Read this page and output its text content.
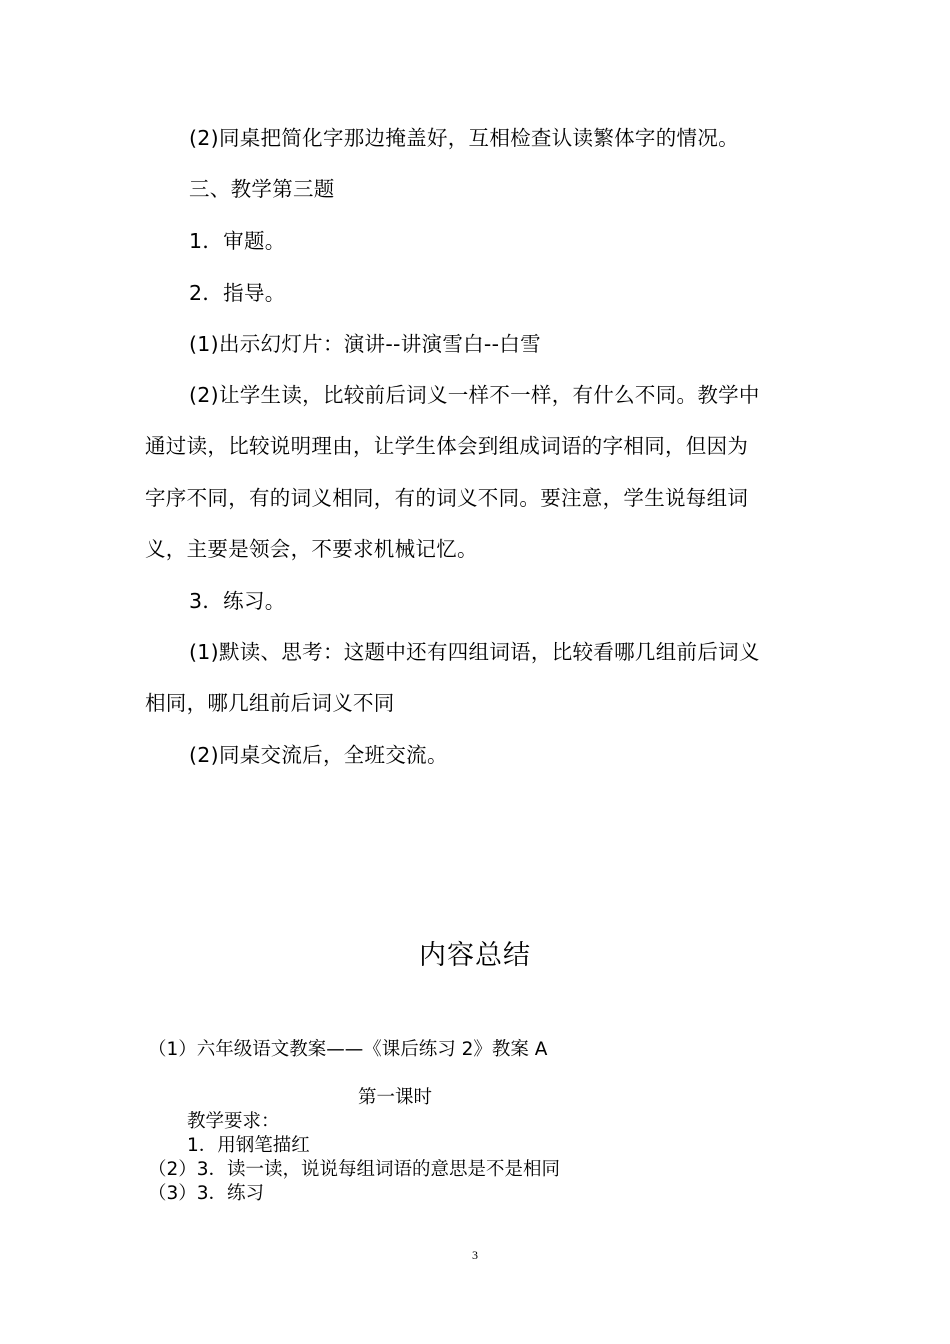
(2)同桌把简化字那边掩盖好，互相检查认读繁体字的情况。
三、教学第三题
1．审题。
2．指导。
(1)出示幻灯片：演讲--讲演雪白--白雪
(2)让学生读，比较前后词义一样不一样，有什么不同。教学中
通过读，比较说明理由，让学生体会到组成词语的字相同，但因为
字序不同，有的词义相同，有的词义不同。要注意，学生说每组词
义，主要是领会，不要求机械记忆。
3．练习。
(1)默读、思考：这题中还有四组词语，比较看哪几组前后词义
相同，哪几组前后词义不同
(2)同桌交流后，全班交流。
内容总结
（1）六年级语文教案——《课后练习 2》教案 A
第一课时
教学要求：
1．用钢笔描红
（2）3．读一读，说说每组词语的意思是不是相同
（3）3．练习
3
